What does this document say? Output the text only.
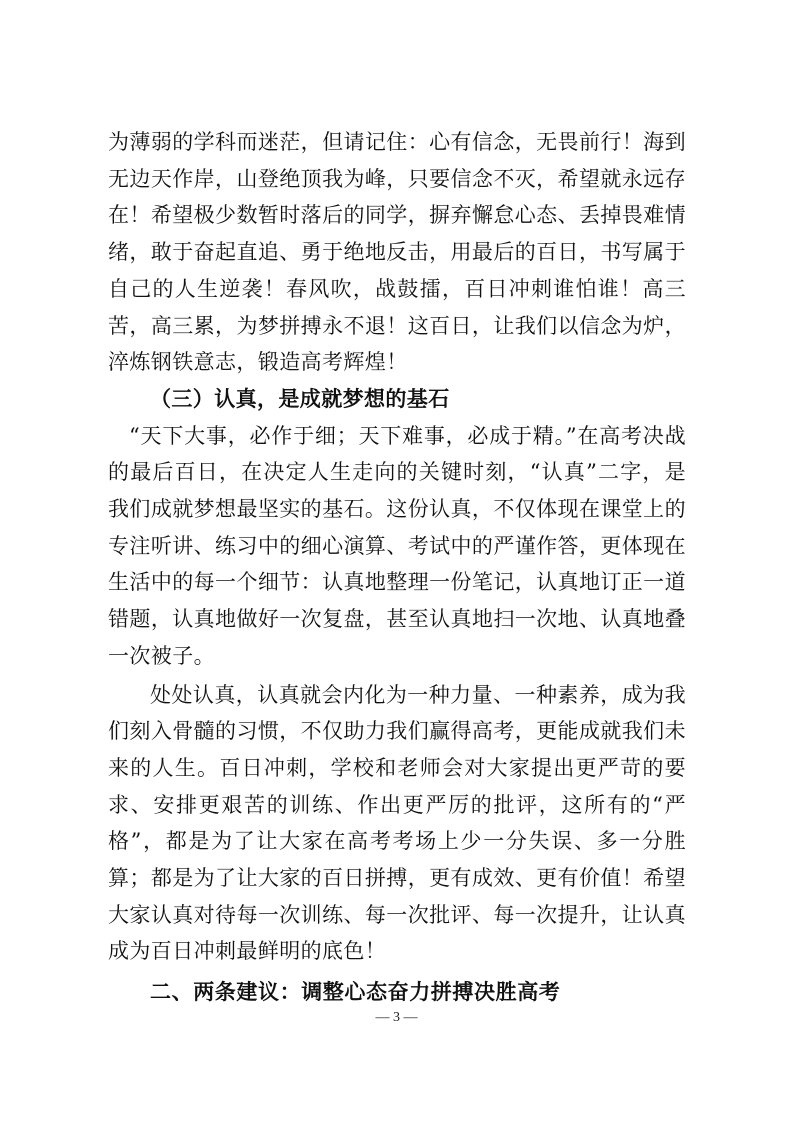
为薄弱的学科而迷茫，但请记住：心有信念，无畏前行！海到无边天作岸，山登绝顶我为峰，只要信念不灭，希望就永远存在！希望极少数暂时落后的同学，摒弃懈怠心态、丢掉畏难情绪，敢于奋起直追、勇于绝地反击，用最后的百日，书写属于自己的人生逆袭！春风吹，战鼓擂，百日冲刺谁怕谁！高三苦，高三累，为梦拼搏永不退！这百日，让我们以信念为炉，淬炼钢铁意志，锻造高考辉煌！

（三）认真，是成就梦想的基石

“天下大事，必作于细；天下难事，必成于精。”在高考决战的最后百日，在决定人生走向的关键时刻，“认真”二字，是我们成就梦想最坚实的基石。这份认真，不仅体现在课堂上的专注听讲、练习中的细心演算、考试中的严谨作答，更体现在生活中的每一个细节：认真地整理一份笔记，认真地订正一道错题，认真地做好一次复盘，甚至认真地扫一次地、认真地叠一次被子。

处处认真，认真就会内化为一种力量、一种素养，成为我们刻入骨髓的习惯，不仅助力我们赢得高考，更能成就我们未来的人生。百日冲刺，学校和老师会对大家提出更严苛的要求、安排更艰苦的训练、作出更严厉的批评，这所有的“严格”，都是为了让大家在高考考场上少一分失误、多一分胜算；都是为了让大家的百日拼搏，更有成效、更有价值！希望大家认真对待每一次训练、每一次批评、每一次提升，让认真成为百日冲刺最鲜明的底色！

二、两条建议：调整心态奋力拼搏决胜高考

— 3 —
